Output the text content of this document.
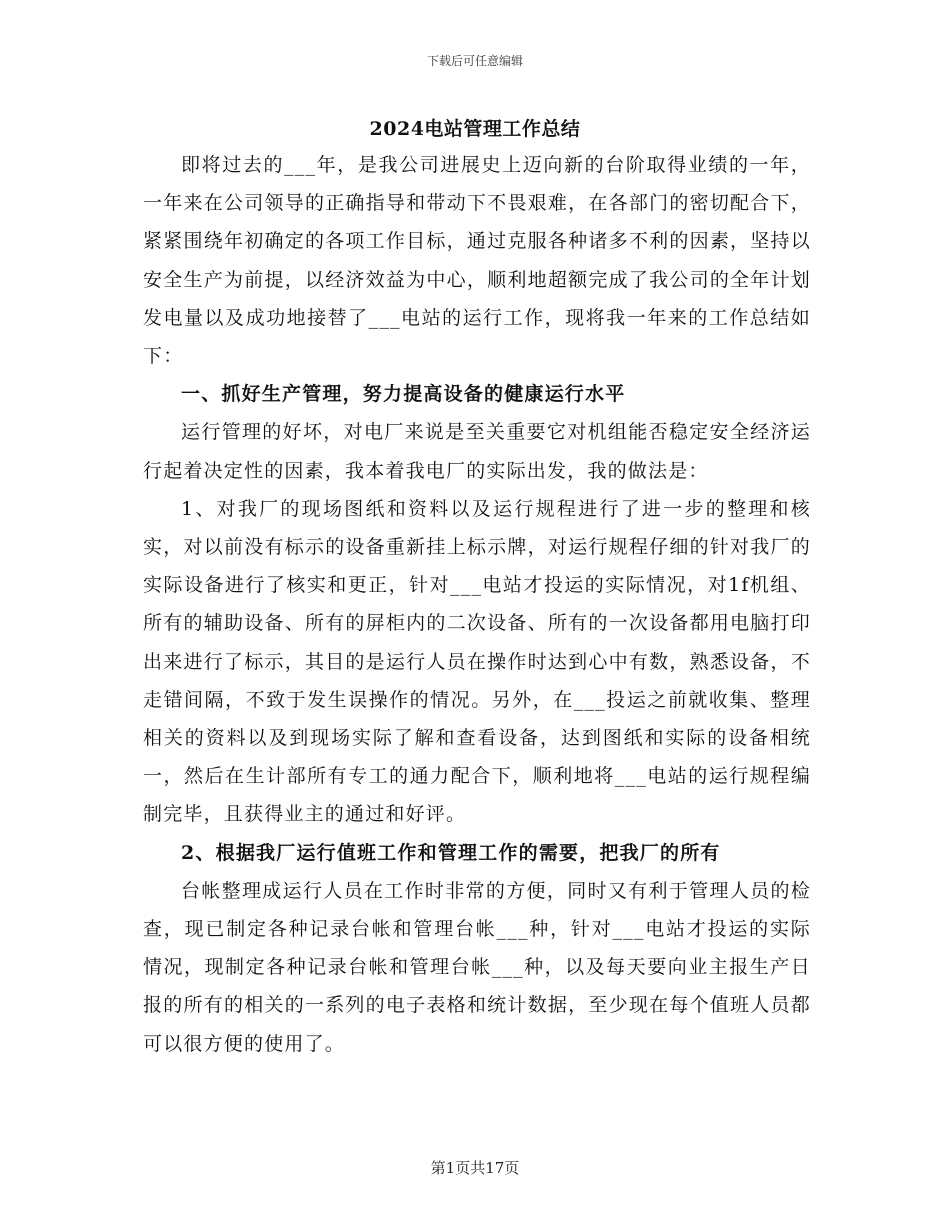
下载后可任意编辑
2024电站管理工作总结

即将过去的___年，是我公司进展史上迈向新的台阶取得业绩的一年，一年来在公司领导的正确指导和带动下不畏艰难，在各部门的密切配合下，紧紧围绕年初确定的各项工作目标，通过克服各种诸多不利的因素，坚持以安全生产为前提，以经济效益为中心，顺利地超额完成了我公司的全年计划发电量以及成功地接替了___电站的运行工作，现将我一年来的工作总结如下：

一、抓好生产管理，努力提高设备的健康运行水平

运行管理的好坏，对电厂来说是至关重要它对机组能否稳定安全经济运行起着决定性的因素，我本着我电厂的实际出发，我的做法是：

1、对我厂的现场图纸和资料以及运行规程进行了进一步的整理和核实，对以前没有标示的设备重新挂上标示牌，对运行规程仔细的针对我厂的实际设备进行了核实和更正，针对___电站才投运的实际情况，对1f机组、所有的辅助设备、所有的屏柜内的二次设备、所有的一次设备都用电脑打印出来进行了标示，其目的是运行人员在操作时达到心中有数，熟悉设备，不走错间隔，不致于发生误操作的情况。另外，在___投运之前就收集、整理相关的资料以及到现场实际了解和查看设备，达到图纸和实际的设备相统一，然后在生计部所有专工的通力配合下，顺利地将___电站的运行规程编制完毕，且获得业主的通过和好评。

2、根据我厂运行值班工作和管理工作的需要，把我厂的所有

台帐整理成运行人员在工作时非常的方便，同时又有利于管理人员的检查，现已制定各种记录台帐和管理台帐___种，针对___电站才投运的实际情况，现制定各种记录台帐和管理台帐___种，以及每天要向业主报生产日报的所有的相关的一系列的电子表格和统计数据，至少现在每个值班人员都可以很方便的使用了。

第1页共17页
